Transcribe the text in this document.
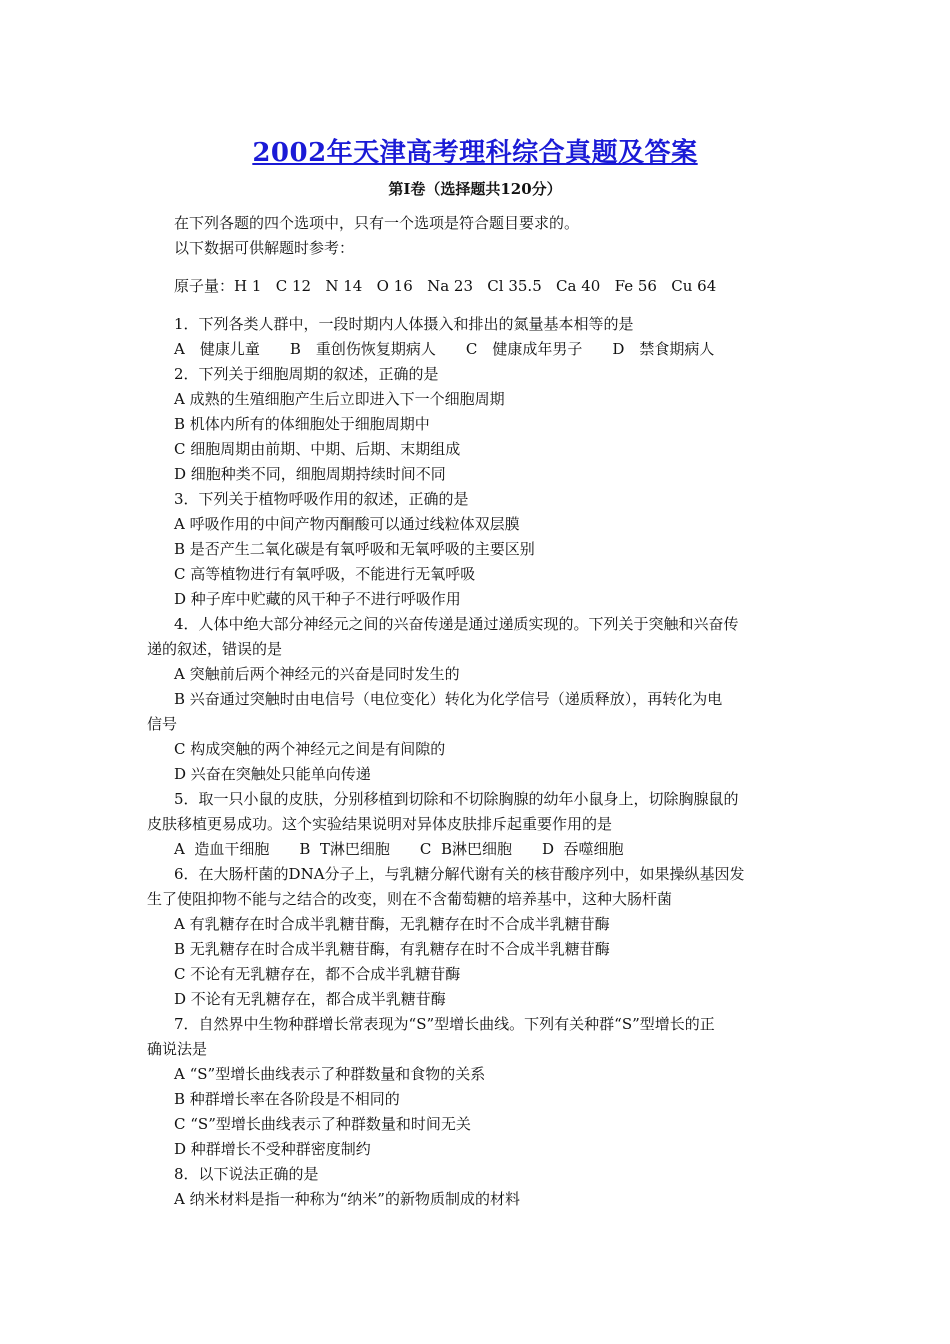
2002年天津高考理科综合真题及答案
第Ⅰ卷（选择题共120分）
在下列各题的四个选项中，只有一个选项是符合题目要求的。
以下数据可供解题时参考：
原子量：H 1   C 12   N 14   O 16   Na 23   Cl 35.5   Ca 40   Fe 56   Cu 64
1．下列各类人群中，一段时期内人体摄入和排出的氮量基本相等的是
A　健康儿童　　B　重创伤恢复期病人　　C　健康成年男子　　D　禁食期病人
2．下列关于细胞周期的叙述，正确的是
A 成熟的生殖细胞产生后立即进入下一个细胞周期
B 机体内所有的体细胞处于细胞周期中
C 细胞周期由前期、中期、后期、末期组成
D 细胞种类不同，细胞周期持续时间不同
3．下列关于植物呼吸作用的叙述，正确的是
A 呼吸作用的中间产物丙酮酸可以通过线粒体双层膜
B 是否产生二氧化碳是有氧呼吸和无氧呼吸的主要区别
C 高等植物进行有氧呼吸，不能进行无氧呼吸
D 种子库中贮藏的风干种子不进行呼吸作用
4．人体中绝大部分神经元之间的兴奋传递是通过递质实现的。下列关于突触和兴奋传
递的叙述，错误的是
A 突触前后两个神经元的兴奋是同时发生的
B 兴奋通过突触时由电信号（电位变化）转化为化学信号（递质释放），再转化为电
信号
C 构成突触的两个神经元之间是有间隙的
D 兴奋在突触处只能单向传递
5．取一只小鼠的皮肤，分别移植到切除和不切除胸腺的幼年小鼠身上，切除胸腺鼠的
皮肤移植更易成功。这个实验结果说明对异体皮肤排斥起重要作用的是
A  造血干细胞　　B  T淋巴细胞　　C  B淋巴细胞　　D  吞噬细胞
6．在大肠杆菌的DNA分子上，与乳糖分解代谢有关的核苷酸序列中，如果操纵基因发
生了使阻抑物不能与之结合的改变，则在不含葡萄糖的培养基中，这种大肠杆菌
A 有乳糖存在时合成半乳糖苷酶，无乳糖存在时不合成半乳糖苷酶
B 无乳糖存在时合成半乳糖苷酶，有乳糖存在时不合成半乳糖苷酶
C 不论有无乳糖存在，都不合成半乳糖苷酶
D 不论有无乳糖存在，都合成半乳糖苷酶
7．自然界中生物种群增长常表现为“S”型增长曲线。下列有关种群“S”型增长的正
确说法是
A “S”型增长曲线表示了种群数量和食物的关系
B 种群增长率在各阶段是不相同的
C “S”型增长曲线表示了种群数量和时间无关
D 种群增长不受种群密度制约
8．以下说法正确的是
A 纳米材料是指一种称为“纳米”的新物质制成的材料
